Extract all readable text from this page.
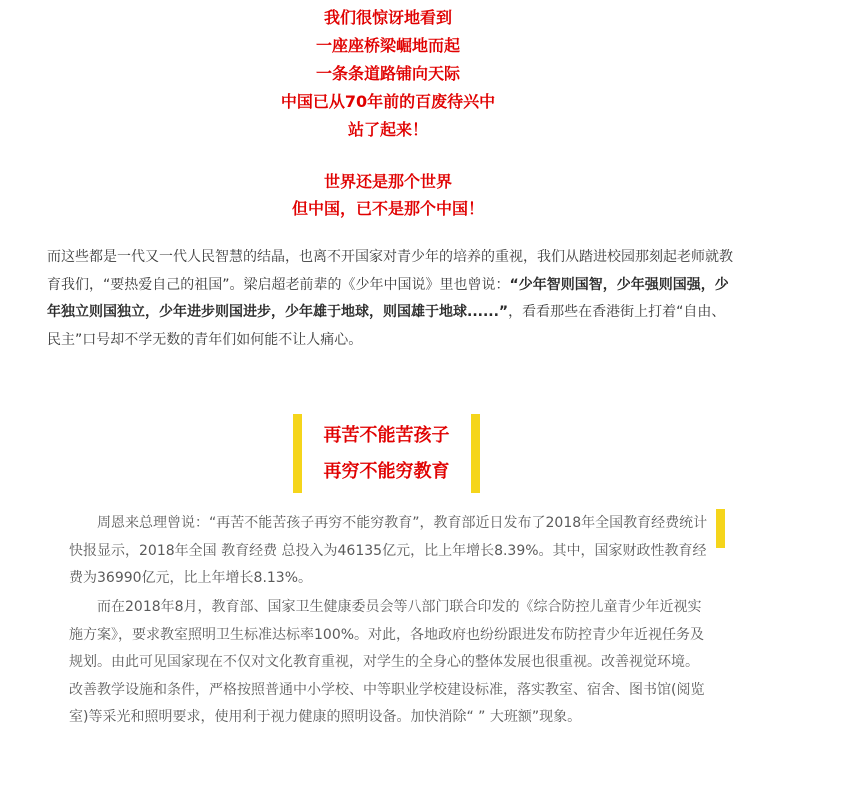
我们很惊讶地看到

一座座桥梁崛地而起

一条条道路铺向天际

中国已从70年前的百废待兴中

站了起来！

世界还是那个世界

但中国，已不是那个中国！

而这些都是一代又一代人民智慧的结晶，也离不开国家对青少年的培养的重视，我们从踏进校园那刻起老师就教育我们，“要热爱自己的祖国”。梁启超老前辈的《少年中国说》里也曾说：“少年智则国智，少年强则国强，少年独立则国独立，少年进步则国进步，少年雄于地球，则国雄于地球......”，看看那些在香港街上打着“自由、民主”口号却不学无数的青年们如何能不让人痛心。

再苦不能苦孩子
再穷不能穷教育

周恩来总理曾说：“再苦不能苦孩子再穷不能穷教育”，教育部近日发布了2018年全国教育经费统计快报显示，2018年全国 教育经费 总投入为46135亿元，比上年增长8.39%。其中，国家财政性教育经费为36990亿元，比上年增长8.13%。

而在2018年8月，教育部、国家卫生健康委员会等八部门联合印发的《综合防控儿童青少年近视实施方案》，要求教室照明卫生标准达标率100%。对此，各地政府也纷纷跟进发布防控青少年近视任务及规划。由此可见国家现在不仅对文化教育重视，对学生的全身心的整体发展也很重视。改善视觉环境。改善教学设施和条件，严格按照普通中小学校、中等职业学校建设标准，落实教室、宿舍、图书馆(阅览室)等采光和照明要求，使用利于视力健康的照明设备。加快消除“ ” 大班额”现象。
